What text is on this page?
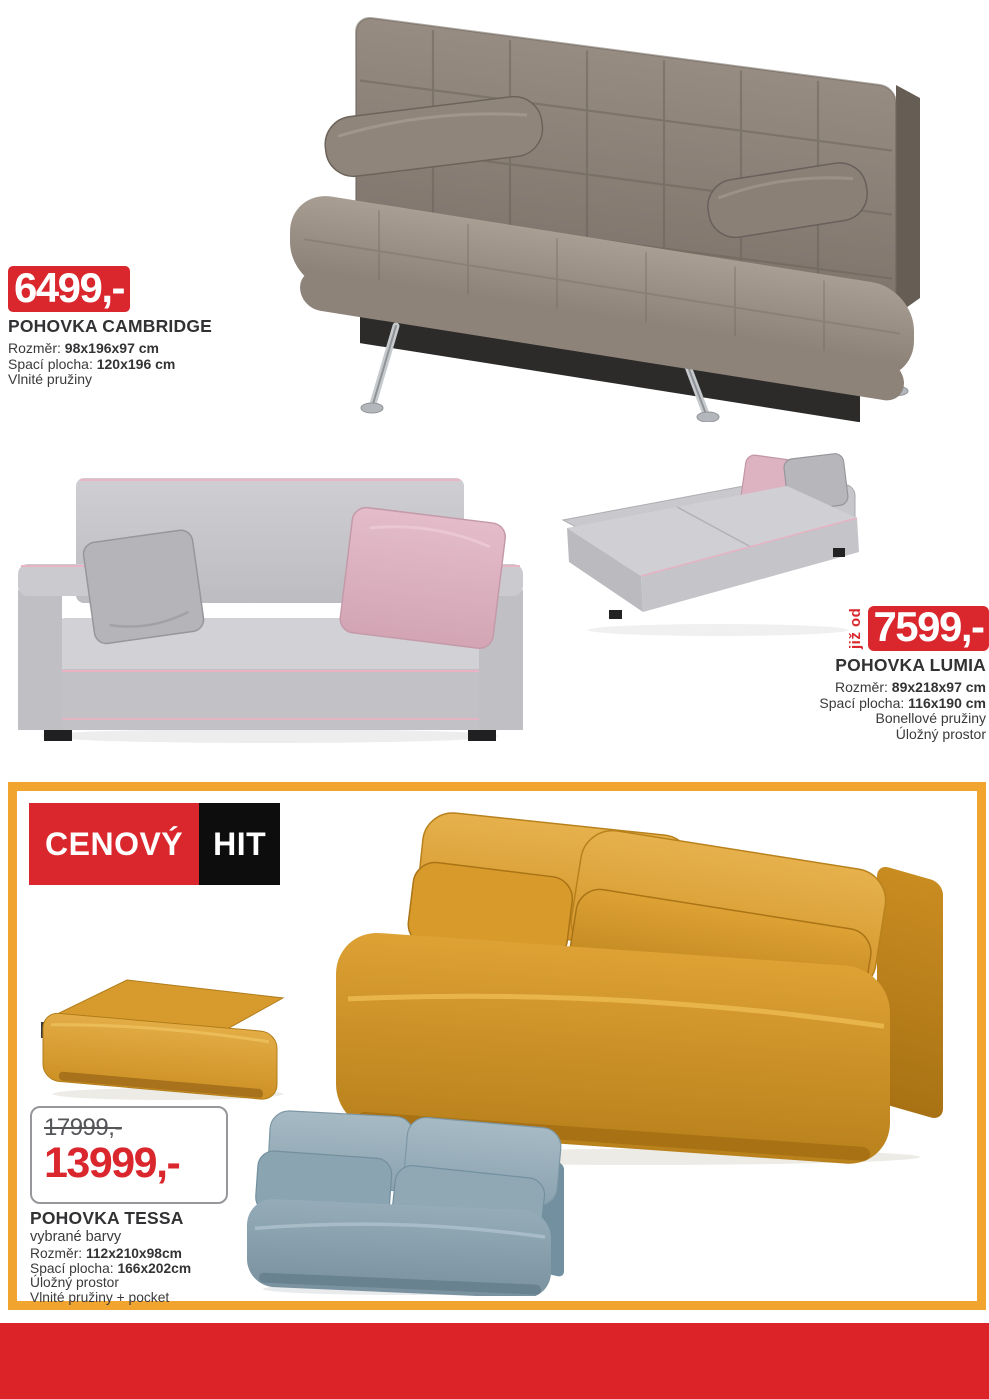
6499,-
POHOVKA CAMBRIDGE

Rozměr: 98x196x97 cm

Spací plocha: 120x196 cm

Vlnité pružiny

již od 7599,-
POHOVKA LUMIA

Rozměr: 89x218x97 cm

Spací plocha: 116x190 cm

Bonellové pružiny

Úložný prostor

CENOVÝ HIT
17999,-
13999,-
POHOVKA TESSA

vybrané barvy

Rozměr: 112x210x98cm

Spací plocha: 166x202cm

Úložný prostor

Vlnité pružiny + pocket
